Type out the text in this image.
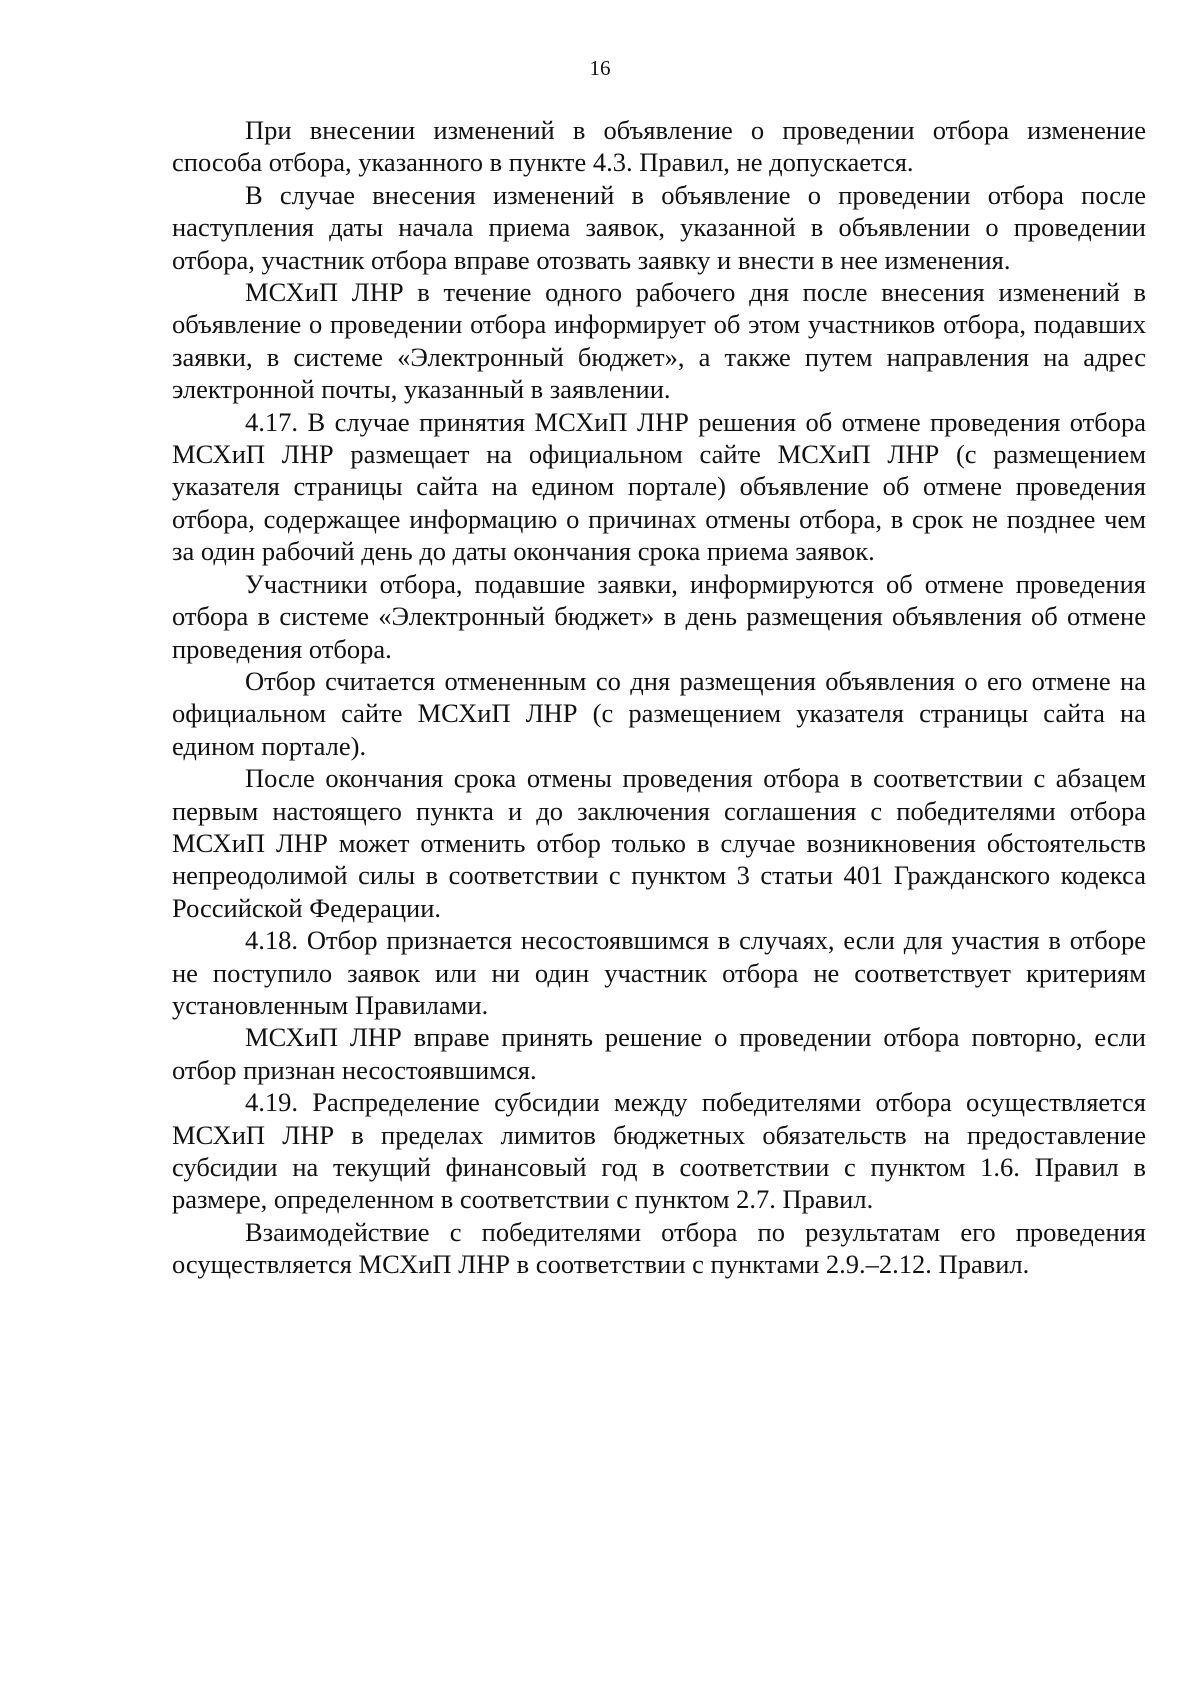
16

При внесении изменений в объявление о проведении отбора изменение способа отбора, указанного в пункте 4.3. Правил, не допускается.

В случае внесения изменений в объявление о проведении отбора после наступления даты начала приема заявок, указанной в объявлении о проведении отбора, участник отбора вправе отозвать заявку и внести в нее изменения.

МСХиП ЛНР в течение одного рабочего дня после внесения изменений в объявление о проведении отбора информирует об этом участников отбора, подавших заявки, в системе «Электронный бюджет», а также путем направления на адрес электронной почты, указанный в заявлении.

4.17. В случае принятия МСХиП ЛНР решения об отмене проведения отбора МСХиП ЛНР размещает на официальном сайте МСХиП ЛНР (с размещением указателя страницы сайта на едином портале) объявление об отмене проведения отбора, содержащее информацию о причинах отмены отбора, в срок не позднее чем за один рабочий день до даты окончания срока приема заявок.

Участники отбора, подавшие заявки, информируются об отмене проведения отбора в системе «Электронный бюджет» в день размещения объявления об отмене проведения отбора.

Отбор считается отмененным со дня размещения объявления о его отмене на официальном сайте МСХиП ЛНР (с размещением указателя страницы сайта на едином портале).

После окончания срока отмены проведения отбора в соответствии с абзацем первым настоящего пункта и до заключения соглашения с победителями отбора МСХиП ЛНР может отменить отбор только в случае возникновения обстоятельств непреодолимой силы в соответствии с пунктом 3 статьи 401 Гражданского кодекса Российской Федерации.

4.18. Отбор признается несостоявшимся в случаях, если для участия в отборе не поступило заявок или ни один участник отбора не соответствует критериям установленным Правилами.

МСХиП ЛНР вправе принять решение о проведении отбора повторно, если отбор признан несостоявшимся.

4.19. Распределение субсидии между победителями отбора осуществляется МСХиП ЛНР в пределах лимитов бюджетных обязательств на предоставление субсидии на текущий финансовый год в соответствии с пунктом 1.6. Правил в размере, определенном в соответствии с пунктом 2.7. Правил.

Взаимодействие с победителями отбора по результатам его проведения осуществляется МСХиП ЛНР в соответствии с пунктами 2.9.–2.12. Правил.
